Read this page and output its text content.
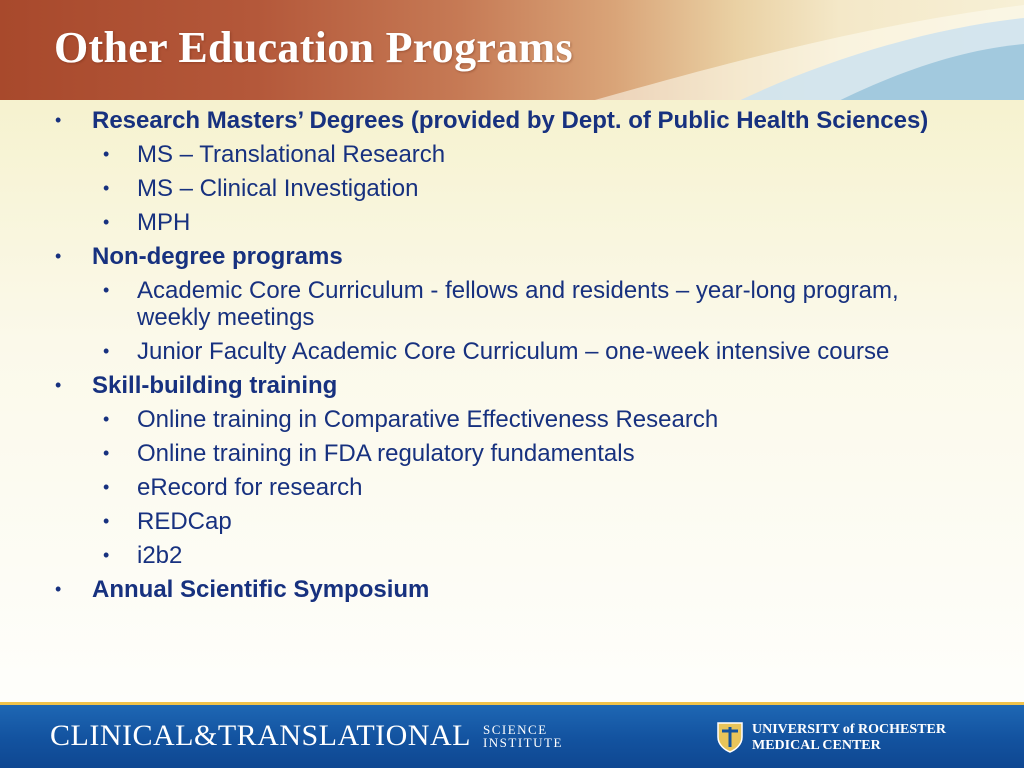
Other Education Programs
• Research Masters’ Degrees (provided by Dept. of Public Health Sciences)
• MS – Translational Research
• MS – Clinical Investigation
• MPH
• Non-degree programs
• Academic Core Curriculum - fellows and residents – year-long program, weekly meetings
• Junior Faculty Academic Core Curriculum – one-week intensive course
• Skill-building training
• Online training in Comparative Effectiveness Research
• Online training in FDA regulatory fundamentals
• eRecord for research
• REDCap
• i2b2
• Annual Scientific Symposium
CLINICAL&TRANSLATIONAL SCIENCE
INSTITUTE
UNIVERSITY of ROCHESTER
MEDICAL CENTER
